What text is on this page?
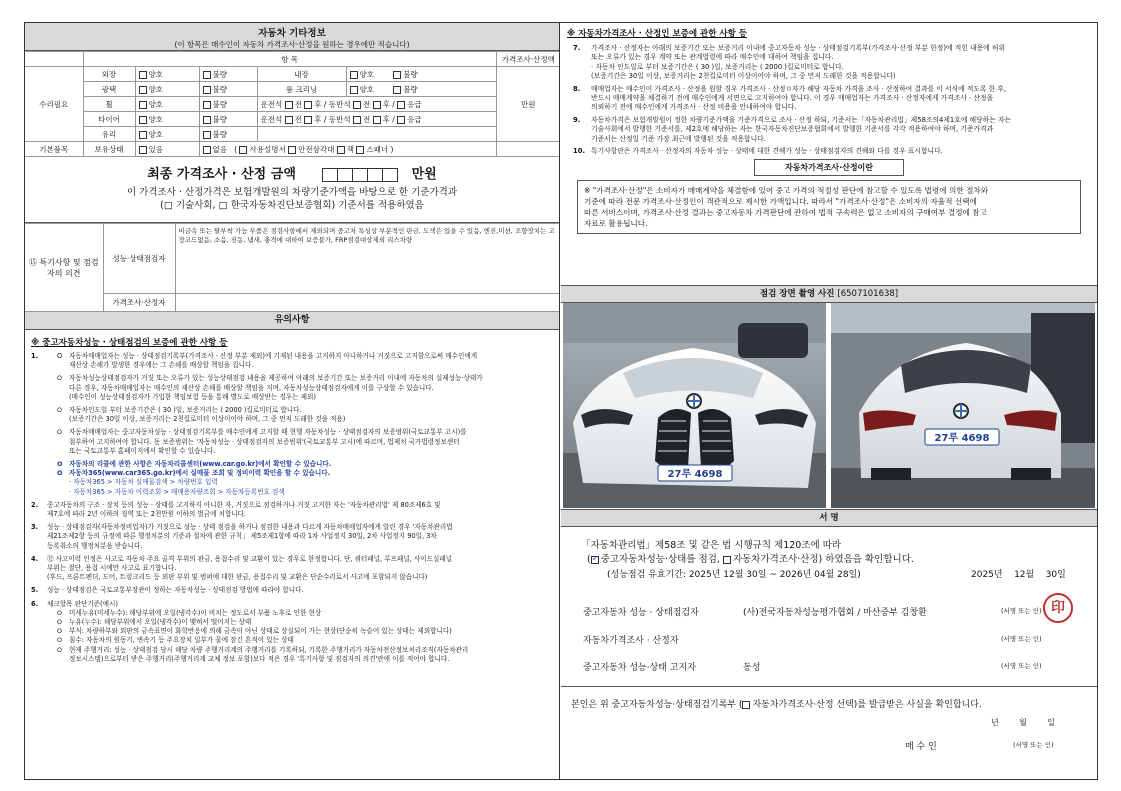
자동차 기타정보
(이 항목은 매수인이 자동차 가격조사·산정을 원하는 경우에만 적습니다)
	항 목					가격조사·산정액
수리필요	외장	양호	불량	내장	양호 불량	만원
	광택	양호	불량	룸 크리닝	양호 불량	
	휠	양호	불량	운전석 전 후 / 동반석 전 후 / 응급		
	타이어	양호	불량	운전석 전 후 / 동반석 전 후 / 응급		
	유리	양호	불량			
기본품목	보유상태	있음	없음   ( 사용설명서 안전삼각대 잭 스패너 )			
최종 가격조사 · 산정 금액	만원
이 가격조사 · 산정가격은 보험개발원의 차량기준가액을 바탕으로 한 기준가격과
(□ 기술사회, □ 한국자동차진단보증협회) 기준서를 적용하였음
⑮ 특기사항 및 점검자의 의견	성능·상태점검자	비금속 또는 탈부착 가능 부품은 점검사항에서 제외되며 중고차 특성상 부분적인 판금, 도색은 있을 수 있음, 엔진,미션, 조향장치는 고장코드없음, 소음, 진동, 냄새, 충격에 대하여 보증불가, FRP점검대상제외 리스차량
	가격조사·산정자	
유의사항
※ 중고자동차성능 · 상태점검의 보증에 관한 사항 등
1.	O	자동차매매업자는 성능 · 상태점검기록부(가격조사 · 산정 부분 제외)에 기재된 내용을 고지하지 아니하거나 거짓으로 고지함으로써 매수인에게
재산상 손해가 발생한 경우에는 그 손해를 배상할 책임을 집니다.
O 자동차성능상태점검자가 거짓 또는 오류가 있는 성능상태점검 내용을 제공하여 아래의 보증기간 또는 보증거리 이내에 자동차의 실제성능·상태가
다른 경우, 자동차매매업자는 매수인의 재산상 손해를 배상할 책임을 지며, 자동차성능상태점검자에게 이를 구상할 수 있습니다.
(매수인이 성능상태점검자가 가입한 책임보험 등을 통해 별도로 배상받는 경우는 제외)
O 자동차인도일 부터 보증기간은 ( 30 )일, 보증거리는 ( 2000 )킬로미터로 합니다.
(보증기간은 30일 이상, 보증거리는 2천킬로미터 이상이어야 하며, 그 중 먼저 도래한 것을 적용)
O 자동차매매업자는 중고자동차성능 · 상태점검기록부를 매수인에게 고지할 때 현행 자동차성능 · 상태점검자의 보증범위(국토교통부 고시)를
첨부하여 고지하여야 합니다. 동 보증범위는 '자동차성능 · 상태점검자의 보증범위'(국토교통부 고시)에 따르며, 법제처 국가법령정보센터
또는 국토교통부 홈페이지에서 확인할 수 있습니다.
O 자동차의 리콜에 관한 사항은 자동차리콜센터(www.car.go.kr)에서 확인할 수 있습니다.
O 자동차365(www.car365.go.kr)에서 실매물 조회 및 정비이력 확인을 할 수 있습니다.
· 자동차365 > 자동차 실매물검색 > 차량번호 입력
· 자동차365 > 자동차 이력조회 > 매매용자량조회 > 자동차등록번호 검색
2. 중고자동차의 구조 · 장치 등의 성능 · 상태를 고지하지 아니한 자, 거짓으로 점검하거나 거짓 고지한 자는 '자동차관리법' 제 80조제6호 및
제7호에 따라 2년 이하의 징역 또는 2천만원 이하의 벌금에 처합니다.
3. 성능 · 상태점검자(자동차정비업자)가 거짓으로 성능 · 상태 점검을 하거나 점검한 내용과 다르게 자동차매매업자에게 알린 경우 '자동차관리법
제21조제2항 등의 규정에 따른 행정처분의 기준과 절차에 관한 규칙」 제5조제1항에 따라 1차 사업정지 30일, 2차 사업정지 90일, 3차
등록취소의 행정처분을 받습니다.
4. ⑫ 사고이력 인정은 사고로 자동차 주요 골격 부위의 판금, 용접수리 및 교환이 있는 경우로 한정합니다. 단, 쿼터패널, 루프패널, 사이드실패널
부위는 절단, 용접 시에만 사고로 표기합니다.
(후드, 프론트펜더, 도어, 트렁크리드 등 외판 부위 및 범퍼에 대한 판금, 용접수리 및 교환은 단순수리로서 사고에 포함되지 않습니다)
5. 성능 · 상태점검은 국토교통부장관이 정하는 자동차성능 · 상태점검 방법에 따라야 합니다.
6. 체크항목 판단기준(예시)
O 미세누유(미세누수): 해당부위에 오일(냉각수)이 비치는 정도로서 부품 노후로 인한 현상
O 누유(누수): 해당부위에서 오일(냉각수)이 맺혀서 떨어지는 상태
O 부식: 차량하부와 외판의 금속표면이 화학반응에 의해 금속이 아닌 상태로 상실되어 가는 현상(단순히 녹슬어 있는 상태는 제외합니다)
O 침수: 자동차의 원동기, 변속기 등 주요장치 일부가 물에 잠긴 흔적이 있는 상태
O 현재 주행거리: 성능 · 상태점검 당시 해당 차량 주행거리계의 주행거리를 기록하되, 기록한 주행거리가 자동차전산정보처리조직(자동차관리
정보시스템)으로부터 받은 주행거리(주행거리계 교체 정보 포함)보다 적은 경우 '특기사항 및 점검자의 의견'란에 이를 적어야 합니다.
※ 자동차가격조사 · 산정인 보증에 관한 사항 등
7. 가격조사 · 산정자는 아래의 보증기간 또는 보증거리 이내에 중고자동차 성능 · 상태점검기록부(가격조사·산정 부분 한정)에 적힌 내용에 허위
또는 오류가 있는 경우 계약 또는 관계법령에 따라 매수인에 대하여 책임을 집니다.
· 자동차 인도일로 부터 보증기간은 ( 30 )일, 보증거리는 ( 2000 )킬로미터로 합니다.
(보증기간은 30일 이상, 보증거리는 2천킬로미터 이상이어야 하며, 그 중 먼저 도래한 것을 적용합니다)
8. 매매업자는 매수인이 가격조사 · 산정을 원할 경우 가격조사 · 산정ㅇ자가 해당 자동차 가격을 조사 · 산정하여 결과를 이 서식에 적도록 한 후,
반드시 매매계약을 체결하기 전에 매수인에게 서면으로 고지하여야 합니다. 이 경우 매매업자는 가격조사 · 산정자에게 가격조사 · 산정을
의뢰하기 전에 매수인에게 가격조사 · 산정 비용을 안내하여야 합니다.
9. 자동차가격은 보험개발원이 정한 차량기준가액을 기준가격으로 조사 · 산정 하되, 기준서는「자동차관리법」제58조의4제1호에 해당하는 자는
기술사회에서 발행한 기준서를, 제2호에 해당하는 자는 한국자동차진단보증협회에서 발행한 기준서를 각각 적용하여야 하며, 기준가격과
기준서는 산정일 기준 가장 최근에 발행된 것을 적용합니다.
10. 특기사항란은 가격조사 · 산정자의 자동차 성능 · 상태에 대한 견해가 성능 · 상태점검자의 견해와 다를 경우 표시합니다.
자동차가격조사·산정이란
※ "가격조사·산정"은 소비자가 매매계약을 체결함에 있어 중고 가격의 적절성 판단에 참고할 수 있도록 법령에 의한 절차와
기준에 따라 전문 가격조사·산정인이 객관적으로 제시한 가액입니다. 따라서 "가격조사·산정"은 소비자의 자율적 선택에
따른 서비스이며, 가격조사·산정 결과는 중고자동차 가격판단에 관하여 법적 구속력은 없고 소비자의 구매여부 결정에 참고
자료로 활용됩니다.
점검 장면 촬영 사진 [6507101638]
27루 4698
27루 4698
서 명
「자동차관리법」제58조 및 같은 법 시행규칙 제120조에 따라
( ✓ 중고자동차성능·상태를 점검, 자동차가격조사·산정) 하였음을 확인합니다.
(성능점검 유효기간: 2025년 12월 30일 ~ 2026년 04월 28일)	2025년 12월 30일
중고자동차 성능 · 상태점검자	(사)전국자동차성능평가협회 / 마산중부 김창환	(서명 또는 인) 印
자동차가격조사 · 산정자	(서명 또는 인)
중고자동차 성능·상태 고지자	동성	(서명 또는 인)
본인은 위 중고자동차성능·상태점검기록부 ( 자동차가격조사·산정 선택)를 발급받은 사실을 확인합니다.
년	월	일
매 수 인	(서명 또는 인)
